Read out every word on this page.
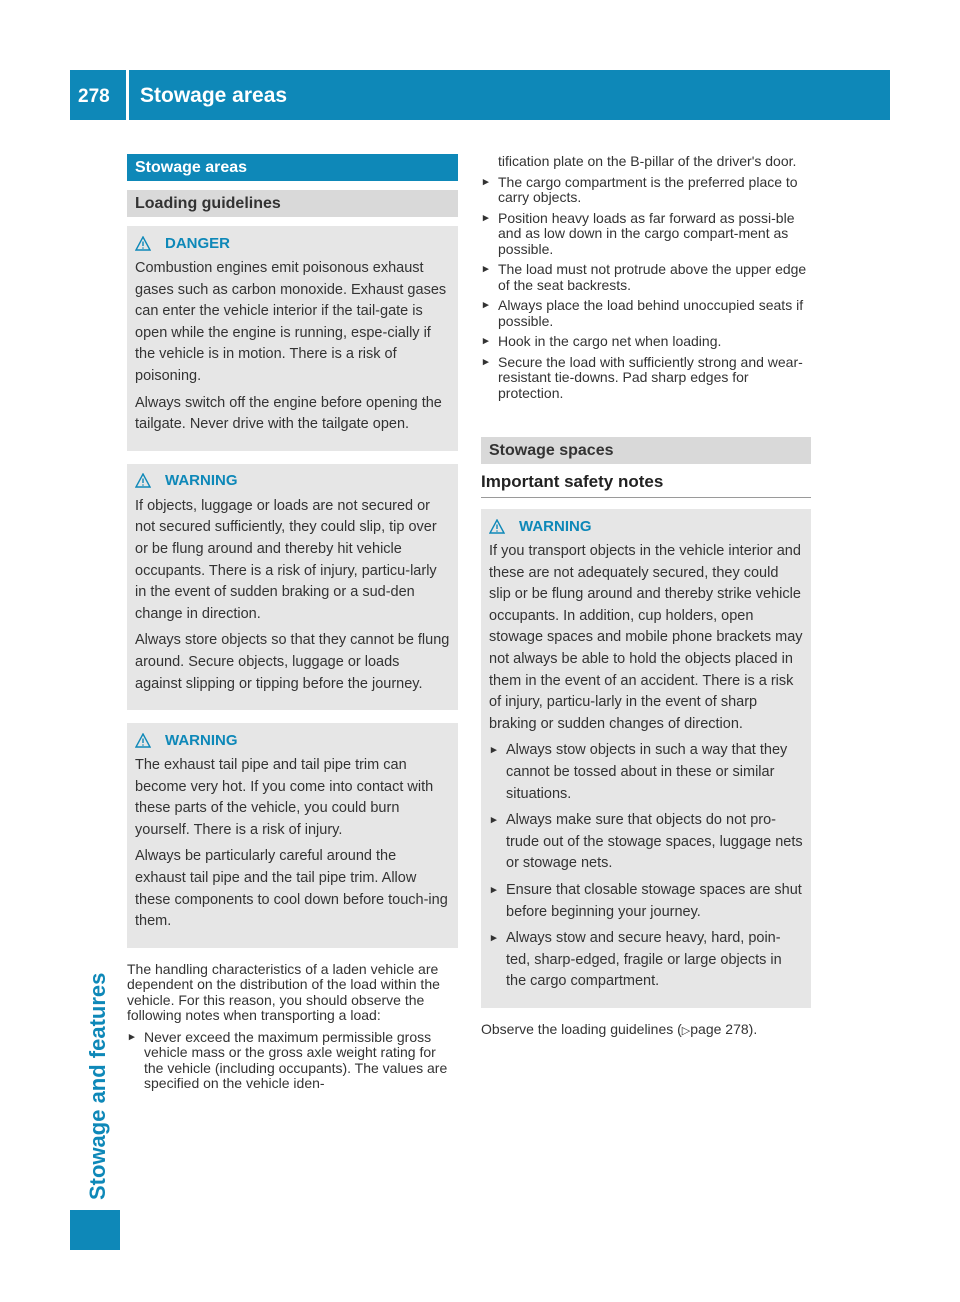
278 Stowage areas
Stowage and features
Stowage areas
Loading guidelines
DANGER

Combustion engines emit poisonous exhaust gases such as carbon monoxide. Exhaust gases can enter the vehicle interior if the tail-gate is open while the engine is running, espe-cially if the vehicle is in motion. There is a risk of poisoning.

Always switch off the engine before opening the tailgate. Never drive with the tailgate open.

WARNING

If objects, luggage or loads are not secured or not secured sufficiently, they could slip, tip over or be flung around and thereby hit vehicle occupants. There is a risk of injury, particu-larly in the event of sudden braking or a sud-den change in direction.

Always store objects so that they cannot be flung around. Secure objects, luggage or loads against slipping or tipping before the journey.

WARNING

The exhaust tail pipe and tail pipe trim can become very hot. If you come into contact with these parts of the vehicle, you could burn yourself. There is a risk of injury.

Always be particularly careful around the exhaust tail pipe and the tail pipe trim. Allow these components to cool down before touch-ing them.

The handling characteristics of a laden vehicle are dependent on the distribution of the load within the vehicle. For this reason, you should observe the following notes when transporting a load:

▸ Never exceed the maximum permissible gross vehicle mass or the gross axle weight rating for the vehicle (including occupants). The values are specified on the vehicle iden-

tification plate on the B-pillar of the driver's door.

▸ The cargo compartment is the preferred place to carry objects.
▸ Position heavy loads as far forward as possi-ble and as low down in the cargo compart-ment as possible.
▸ The load must not protrude above the upper edge of the seat backrests.
▸ Always place the load behind unoccupied seats if possible.
▸ Hook in the cargo net when loading.
▸ Secure the load with sufficiently strong and wear-resistant tie-downs. Pad sharp edges for protection.
Stowage spaces
Important safety notes
WARNING

If you transport objects in the vehicle interior and these are not adequately secured, they could slip or be flung around and thereby strike vehicle occupants. In addition, cup holders, open stowage spaces and mobile phone brackets may not always be able to hold the objects placed in them in the event of an accident. There is a risk of injury, particu-larly in the event of sharp braking or sudden changes of direction.

▸ Always stow objects in such a way that they cannot be tossed about in these or similar situations.
▸ Always make sure that objects do not pro-trude out of the stowage spaces, luggage nets or stowage nets.
▸ Ensure that closable stowage spaces are shut before beginning your journey.
▸ Always stow and secure heavy, hard, poin-ted, sharp-edged, fragile or large objects in the cargo compartment.

Observe the loading guidelines (▷page 278).
